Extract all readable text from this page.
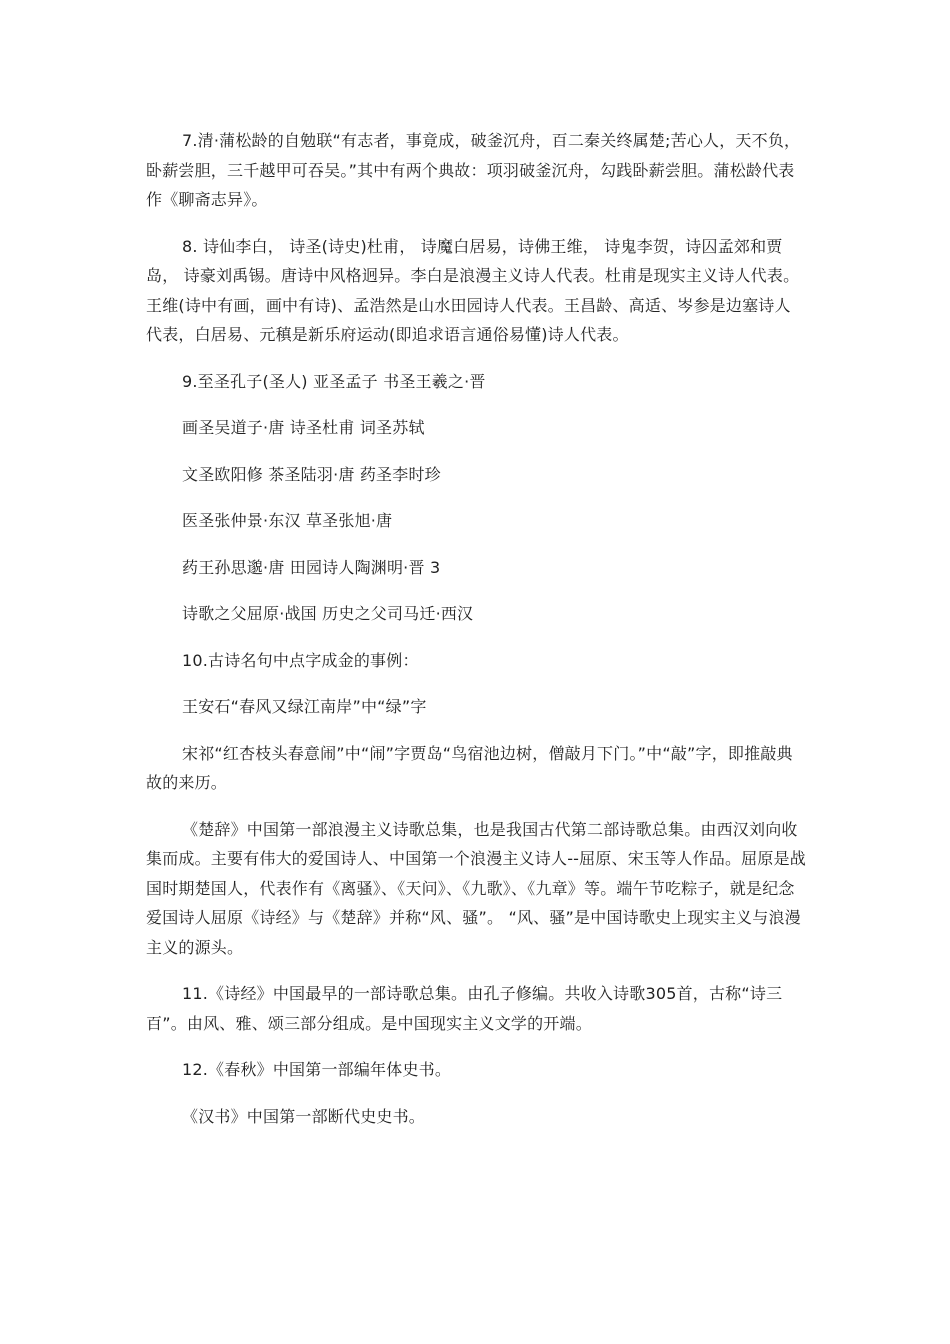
7.清·蒲松龄的自勉联“有志者，事竟成，破釜沉舟，百二秦关终属楚;苦心人，天不负，卧薪尝胆，三千越甲可吞吴。”其中有两个典故：项羽破釜沉舟，勾践卧薪尝胆。蒲松龄代表作《聊斋志异》。

8. 诗仙李白， 诗圣(诗史)杜甫， 诗魔白居易，诗佛王维， 诗鬼李贺，诗囚孟郊和贾岛， 诗豪刘禹锡。唐诗中风格迥异。李白是浪漫主义诗人代表。杜甫是现实主义诗人代表。王维(诗中有画，画中有诗)、孟浩然是山水田园诗人代表。王昌龄、高适、岑参是边塞诗人代表，白居易、元稹是新乐府运动(即追求语言通俗易懂)诗人代表。

9.至圣孔子(圣人) 亚圣孟子 书圣王羲之·晋

画圣吴道子·唐 诗圣杜甫 词圣苏轼

文圣欧阳修 茶圣陆羽·唐 药圣李时珍

医圣张仲景·东汉 草圣张旭·唐

药王孙思邈·唐 田园诗人陶渊明·晋 3

诗歌之父屈原·战国 历史之父司马迁·西汉

10.古诗名句中点字成金的事例：

王安石“春风又绿江南岸”中“绿”字

宋祁“红杏枝头春意闹”中“闹”字贾岛“鸟宿池边树，僧敲月下门。”中“敲”字，即推敲典故的来历。

《楚辞》中国第一部浪漫主义诗歌总集，也是我国古代第二部诗歌总集。由西汉刘向收集而成。主要有伟大的爱国诗人、中国第一个浪漫主义诗人--屈原、宋玉等人作品。屈原是战国时期楚国人，代表作有《离骚》、《天问》、《九歌》、《九章》等。端午节吃粽子，就是纪念爱国诗人屈原《诗经》与《楚辞》并称“风、骚”。 “风、骚”是中国诗歌史上现实主义与浪漫主义的源头。

11.《诗经》中国最早的一部诗歌总集。由孔子修编。共收入诗歌305首，古称“诗三百”。由风、雅、颂三部分组成。是中国现实主义文学的开端。

12.《春秋》中国第一部编年体史书。

《汉书》中国第一部断代史史书。
